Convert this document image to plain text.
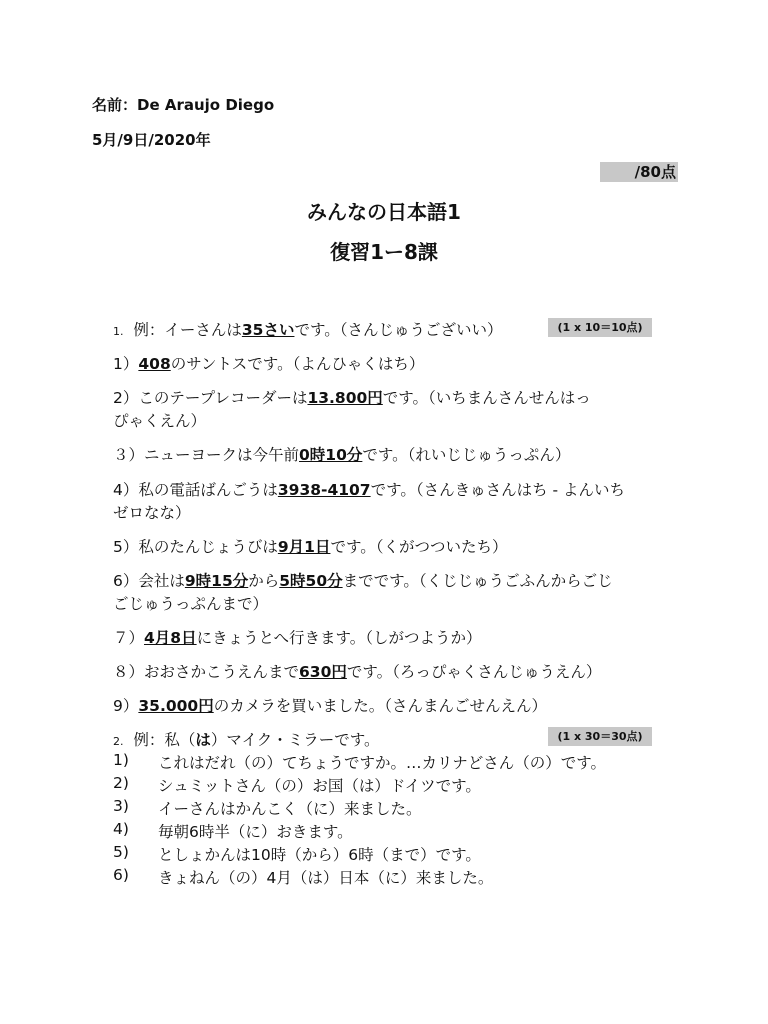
名前：De Araujo Diego
5月/9日/2020年
/80点
みんなの日本語1
復習1ー8課
1. 例：イーさんは35さいです。（さんじゅうございい）	(1 x 10＝10点)
1）408のサントスです。（よんひゃくはち）
2）このテープレコーダーは13.800円です。（いちまんさんせんはっ
ぴゃくえん）
３）ニューヨークは今午前0時10分です。（れいじじゅうっぷん）
4）私の電話ばんごうは3938-4107です。（さんきゅさんはち - よんいち
ゼロなな）
5）私のたんじょうびは9月1日です。（くがつついたち）
6）会社は9時15分から5時50分までです。（くじじゅうごふんからごじ
ごじゅうっぷんまで）
７）4月8日にきょうとへ行きます。（しがつようか）
８）おおさかこうえんまで630円です。（ろっぴゃくさんじゅうえん）
9）35.000円のカメラを買いました。（さんまんごせんえん）
2. 例：私（は）マイク・ミラーです。	(1 x 30＝30点)
1) これはだれ（の）てちょうですか。…カリナどさん（の）です。
2) シュミットさん（の）お国（は）ドイツです。
3) イーさんはかんこく（に）来ました。
4) 毎朝6時半（に）おきます。
5) としょかんは10時（から）6時（まで）です。
6) きょねん（の）4月（は）日本（に）来ました。
